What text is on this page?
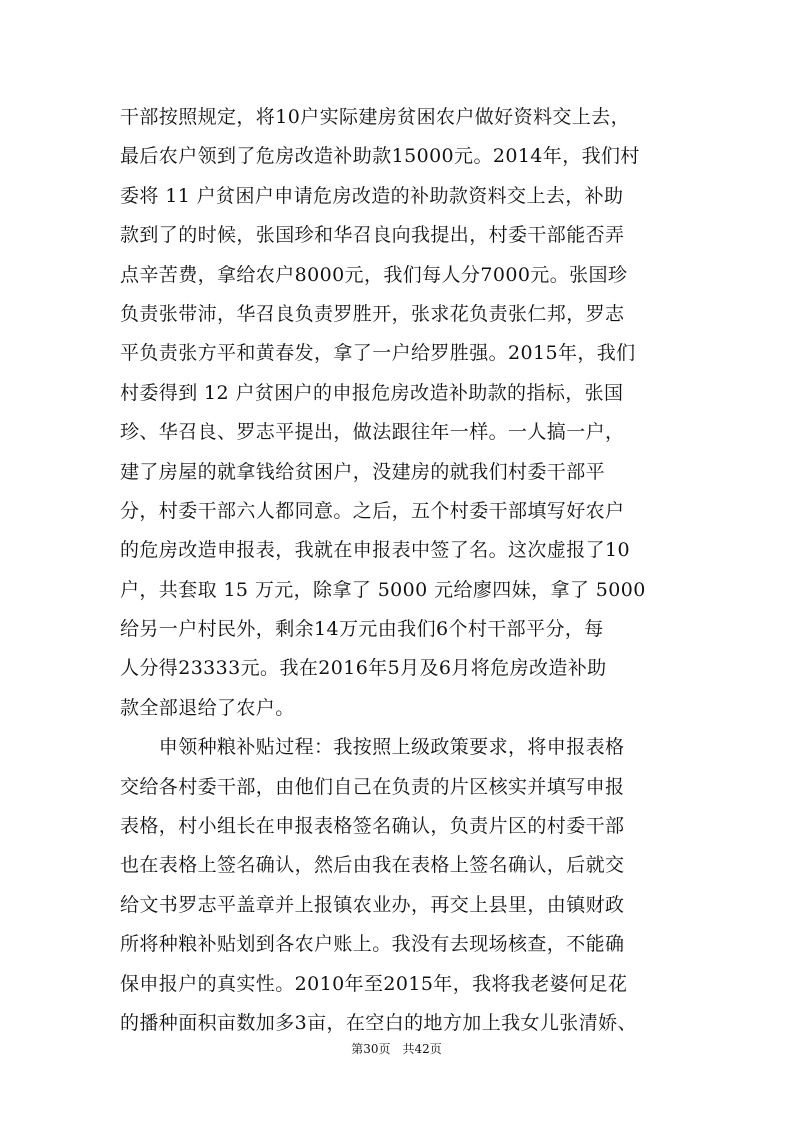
干部按照规定，将10户实际建房贫困农户做好资料交上去，
最后农户领到了危房改造补助款15000元。2014年，我们村
委将 11 户贫困户申请危房改造的补助款资料交上去，补助
款到了的时候，张国珍和华召良向我提出，村委干部能否弄
点辛苦费，拿给农户8000元，我们每人分7000元。张国珍
负责张带沛，华召良负责罗胜开，张求花负责张仁邦，罗志
平负责张方平和黄春发，拿了一户给罗胜强。2015年，我们
村委得到 12 户贫困户的申报危房改造补助款的指标，张国
珍、华召良、罗志平提出，做法跟往年一样。一人搞一户，
建了房屋的就拿钱给贫困户，没建房的就我们村委干部平
分，村委干部六人都同意。之后，五个村委干部填写好农户
的危房改造申报表，我就在申报表中签了名。这次虚报了10
户，共套取 15 万元，除拿了 5000 元给廖四妹，拿了 5000
给另一户村民外，剩余14万元由我们6个村干部平分，每
人分得23333元。我在2016年5月及6月将危房改造补助
款全部退给了农户。
　　申领种粮补贴过程：我按照上级政策要求，将申报表格
交给各村委干部，由他们自己在负责的片区核实并填写申报
表格，村小组长在申报表格签名确认，负责片区的村委干部
也在表格上签名确认，然后由我在表格上签名确认，后就交
给文书罗志平盖章并上报镇农业办，再交上县里，由镇财政
所将种粮补贴划到各农户账上。我没有去现场核查，不能确
保申报户的真实性。2010年至2015年，我将我老婆何足花
的播种面积亩数加多3亩，在空白的地方加上我女儿张清娇、
第30页　共42页
